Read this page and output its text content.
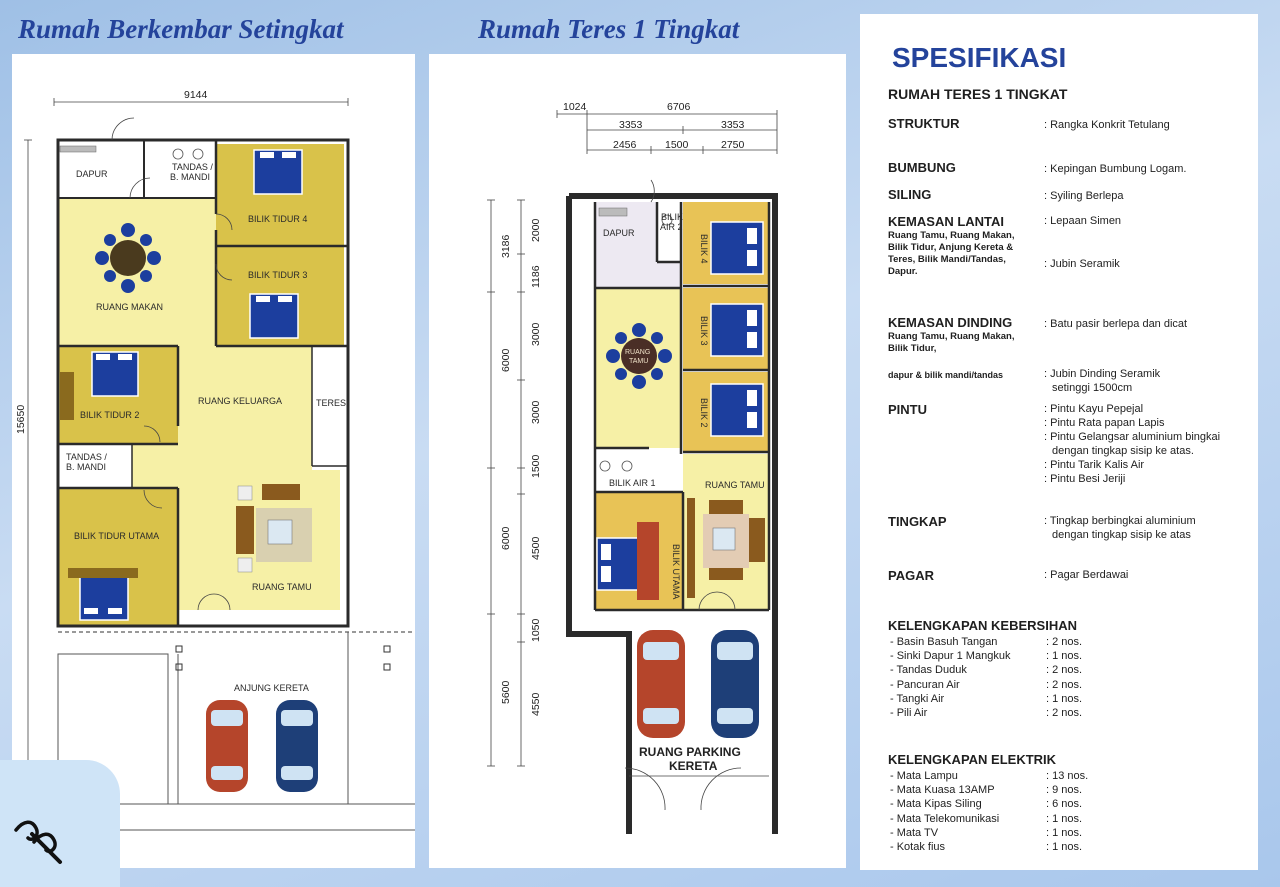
Rumah Berkembar Setingkat
9144
15650
DAPUR
TANDAS /
B. MANDI
BILIK TIDUR 4
BILIK TIDUR 3
RUANG MAKAN
BILIK TIDUR 2
RUANG KELUARGA	TERES
TANDAS /
B. MANDI
BILIK TIDUR UTAMA
RUANG TAMU
ANJUNG KERETA
Rumah Teres 1 Tingkat
1024	6706
3353	3353
2456	1500	2750
3186
6000
6000
5600
2000
1186
3000
3000
1500
4500
1050
4550
DAPUR
BILIK
AIR 2
BILIK 4
BILIK 3
BILIK 2
RUANG
TAMU
BILIK AIR 1	RUANG TAMU
BILIK UTAMA
RUANG PARKING
KERETA
SPESIFIKASI
RUMAH TERES 1 TINGKAT
STRUKTUR	: Rangka Konkrit Tetulang
BUMBUNG	: Kepingan Bumbung Logam.
SILING	: Syiling Berlepa
KEMASAN LANTAI	: Lepaan Simen
Ruang Tamu, Ruang Makan, Bilik Tidur, Anjung Kereta & Teres, Bilik Mandi/Tandas, Dapur.
: Jubin Seramik
KEMASAN DINDING	: Batu pasir berlepa dan dicat
Ruang Tamu, Ruang Makan, Bilik Tidur,
dapur & bilik mandi/tandas	: Jubin Dinding Seramik
setinggi 1500cm
PINTU	: Pintu Kayu Pepejal
: Pintu Rata papan Lapis
: Pintu Gelangsar aluminium bingkai
dengan tingkap sisip ke atas.
: Pintu Tarik Kalis Air
: Pintu Besi Jeriji
TINGKAP	: Tingkap berbingkai aluminium
dengan tingkap sisip ke atas
PAGAR	: Pagar Berdawai
KELENGKAPAN KEBERSIHAN
- Basin Basuh Tangan	: 2 nos.
- Sinki Dapur 1 Mangkuk	: 1 nos.
- Tandas Duduk	: 2 nos.
- Pancuran Air	: 2 nos.
- Tangki Air	: 1 nos.
- Pili Air	: 2 nos.
KELENGKAPAN ELEKTRIK
- Mata Lampu	: 13 nos.
- Mata Kuasa 13AMP	: 9 nos.
- Mata Kipas Siling	: 6 nos.
- Mata Telekomunikasi	: 1 nos.
- Mata TV	: 1 nos.
- Kotak fius	: 1 nos.
